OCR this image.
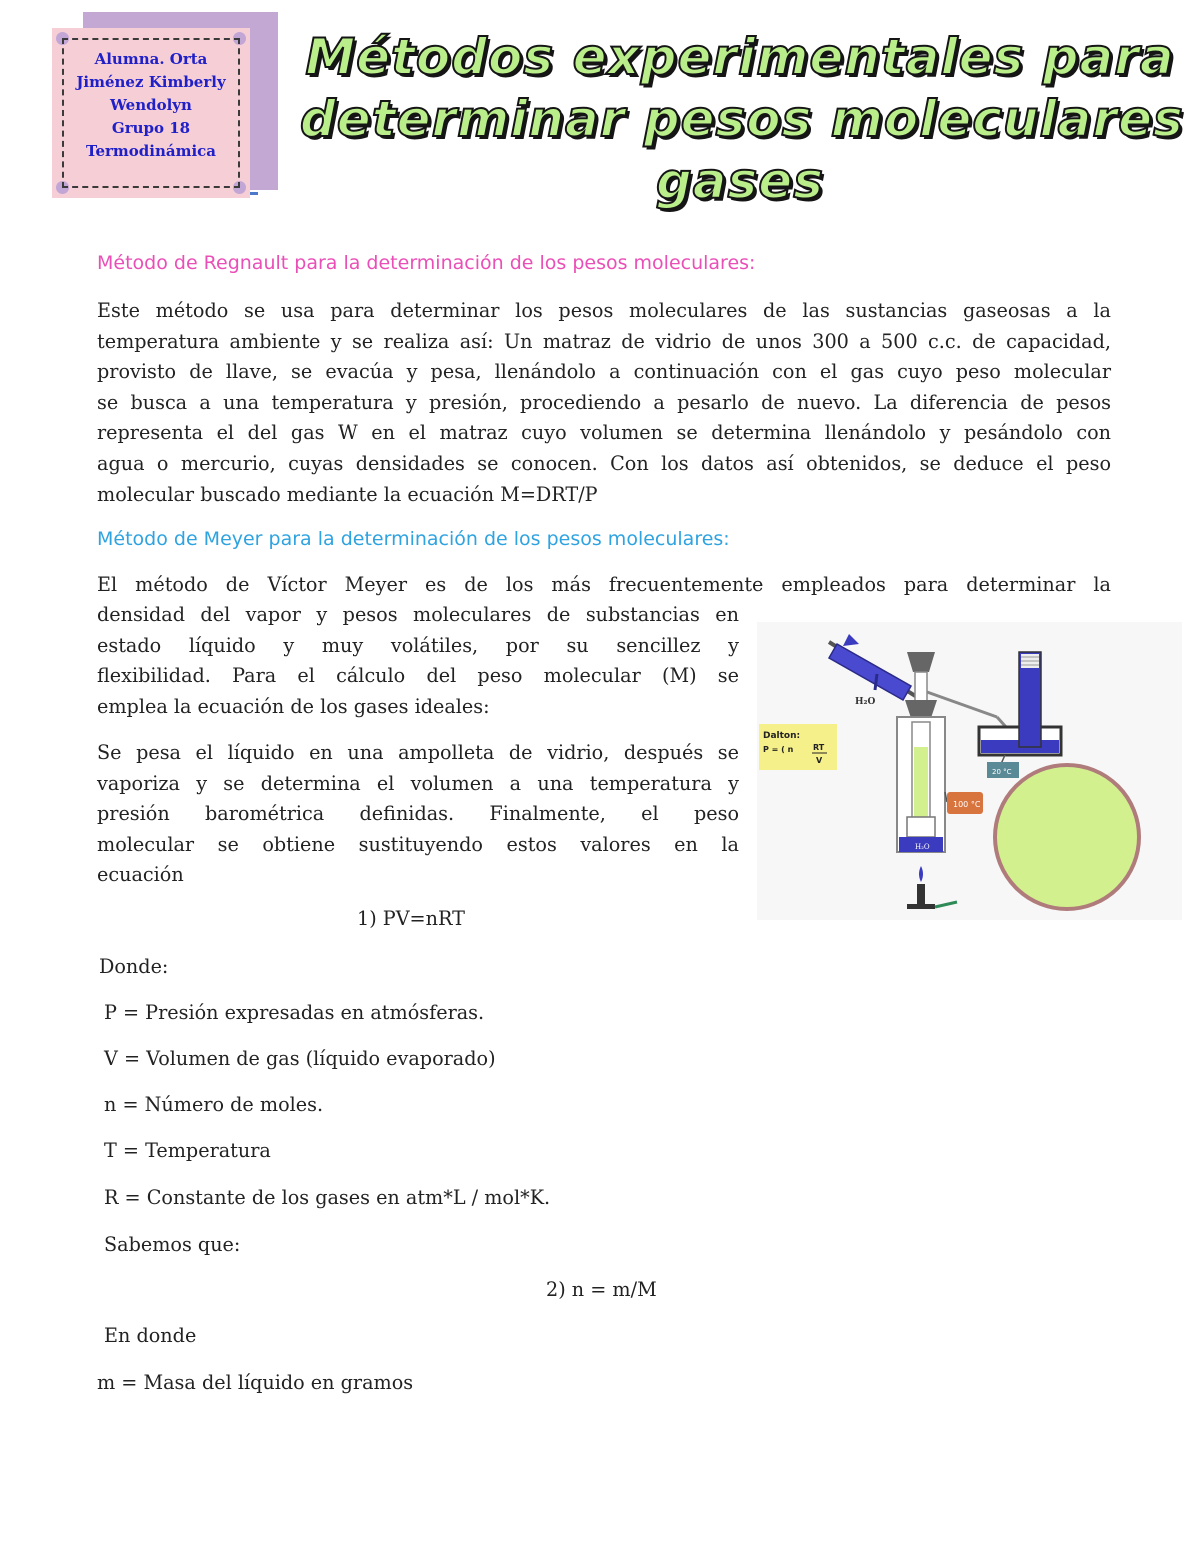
Alumna. Orta
Jiménez Kimberly
Wendolyn
Grupo 18
Termodinámica
Métodos experimentales para
determinar pesos moleculares
gases
Método de Regnault para la determinación de los pesos moleculares:
Este método se usa para determinar los pesos moleculares de las sustancias gaseosas a la
temperatura ambiente y se realiza así: Un matraz de vidrio de unos 300 a 500 c.c. de capacidad,
provisto de llave, se evacúa y pesa, llenándolo a continuación con el gas cuyo peso molecular
se busca a una temperatura y presión, procediendo a pesarlo de nuevo. La diferencia de pesos
representa el del gas W en el matraz cuyo volumen se determina llenándolo y pesándolo con
agua o mercurio, cuyas densidades se conocen. Con los datos así obtenidos, se deduce el peso
molecular buscado mediante la ecuación M=DRT/P
Método de Meyer para la determinación de los pesos moleculares:
El método de Víctor Meyer es de los más frecuentemente empleados para determinar la
densidad del vapor y pesos moleculares de substancias en
estado líquido y muy volátiles, por su sencillez y
flexibilidad. Para el cálculo del peso molecular (M) se
emplea la ecuación de los gases ideales:
Se pesa el líquido en una ampolleta de vidrio, después se
vaporiza y se determina el volumen a una temperatura y
presión barométrica definidas. Finalmente, el peso
molecular se obtiene sustituyendo estos valores en la
ecuación
1) PV=nRT
Donde:
P = Presión expresadas en atmósferas.
V = Volumen de gas (líquido evaporado)
n = Número de moles.
T = Temperatura
R = Constante de los gases en atm*L / mol*K.
Sabemos que:
2) n = m/M
En donde
m = Masa del líquido en gramos
H₂O
H₂O
100 °C
20 °C
Dalton:
P = ( n RT
V
